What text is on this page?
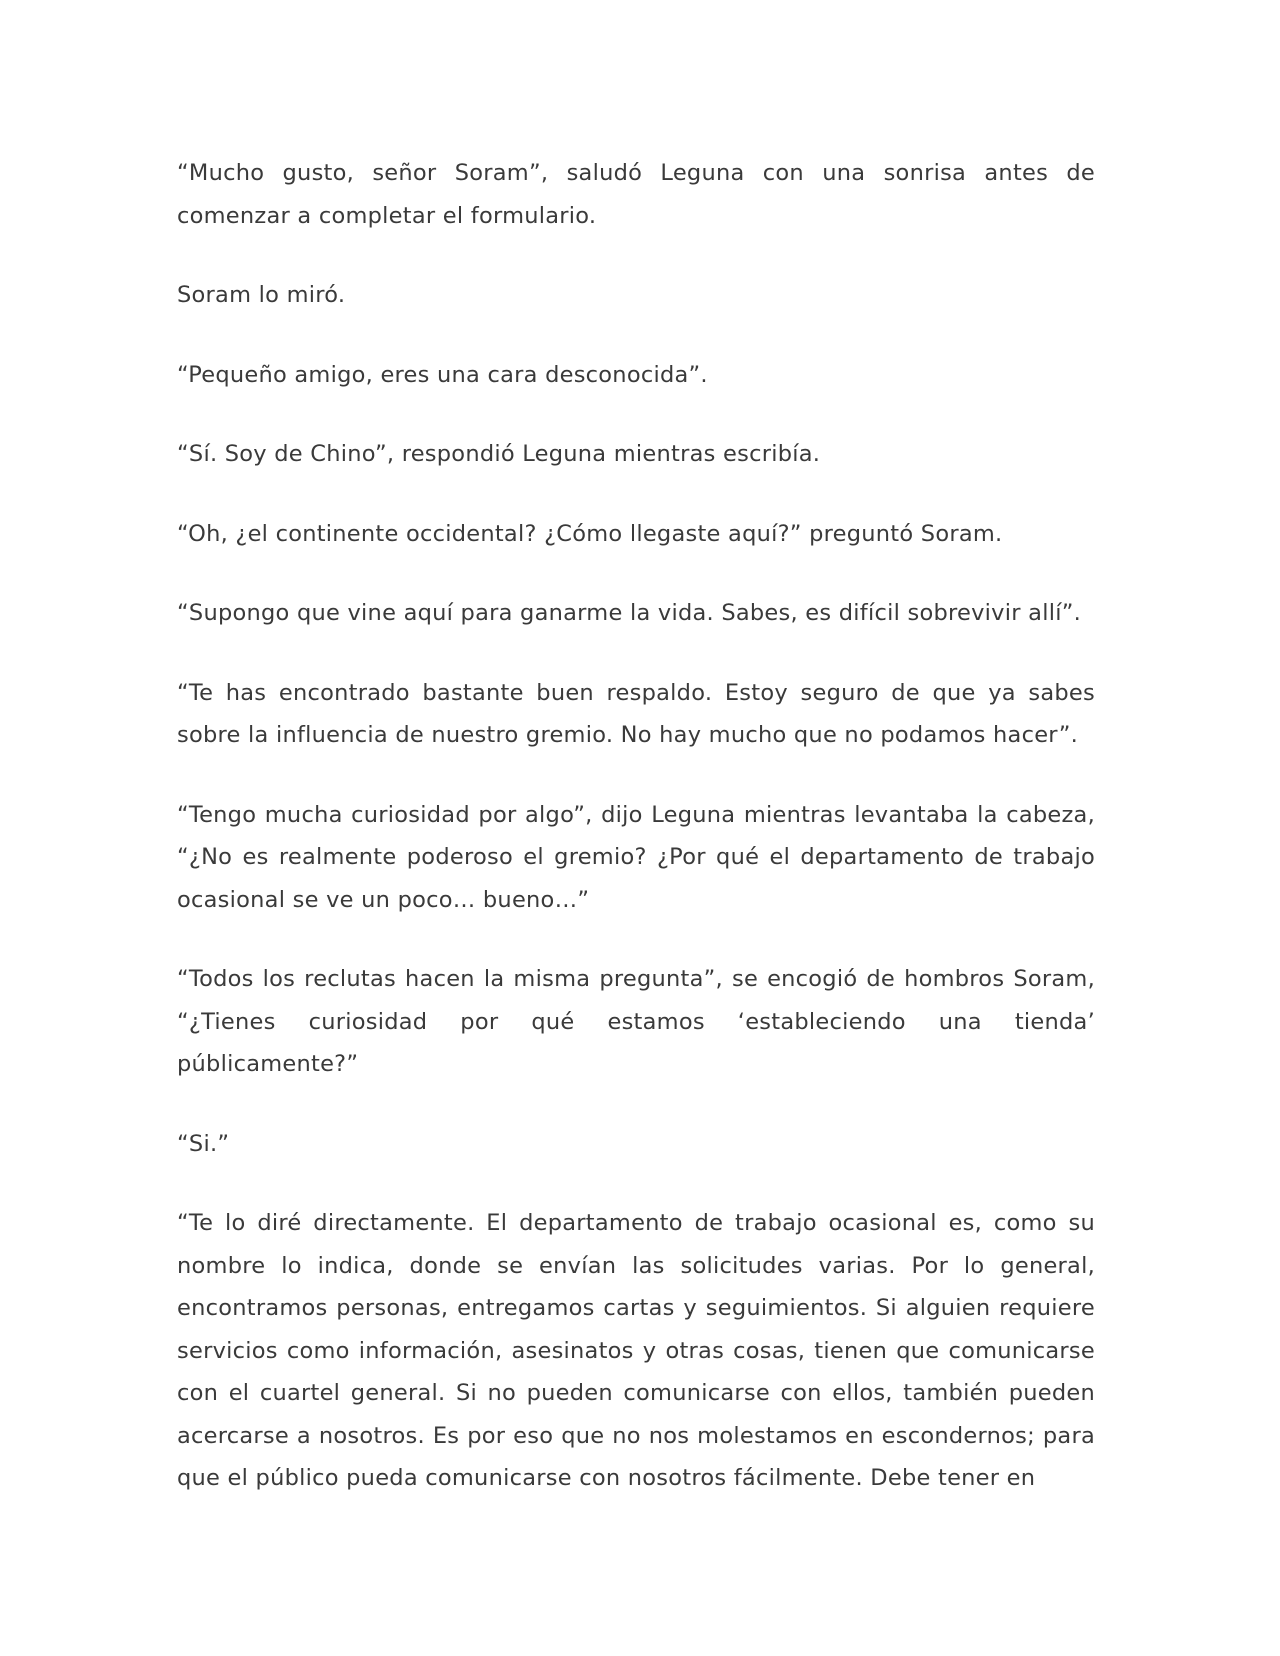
“Mucho gusto, señor Soram”, saludó Leguna con una sonrisa antes de comenzar a completar el formulario.

Soram lo miró.

“Pequeño amigo, eres una cara desconocida”.

“Sí. Soy de Chino”, respondió Leguna mientras escribía.

“Oh, ¿el continente occidental? ¿Cómo llegaste aquí?” preguntó Soram.

“Supongo que vine aquí para ganarme la vida. Sabes, es difícil sobrevivir allí”.

“Te has encontrado bastante buen respaldo. Estoy seguro de que ya sabes sobre la influencia de nuestro gremio. No hay mucho que no podamos hacer”.

“Tengo mucha curiosidad por algo”, dijo Leguna mientras levantaba la cabeza, “¿No es realmente poderoso el gremio? ¿Por qué el departamento de trabajo ocasional se ve un poco… bueno…”

“Todos los reclutas hacen la misma pregunta”, se encogió de hombros Soram, “¿Tienes curiosidad por qué estamos ‘estableciendo una tienda’ públicamente?”

“Si.”

“Te lo diré directamente. El departamento de trabajo ocasional es, como su nombre lo indica, donde se envían las solicitudes varias. Por lo general, encontramos personas, entregamos cartas y seguimientos. Si alguien requiere servicios como información, asesinatos y otras cosas, tienen que comunicarse con el cuartel general. Si no pueden comunicarse con ellos, también pueden acercarse a nosotros. Es por eso que no nos molestamos en escondernos; para que el público pueda comunicarse con nosotros fácilmente. Debe tener en
